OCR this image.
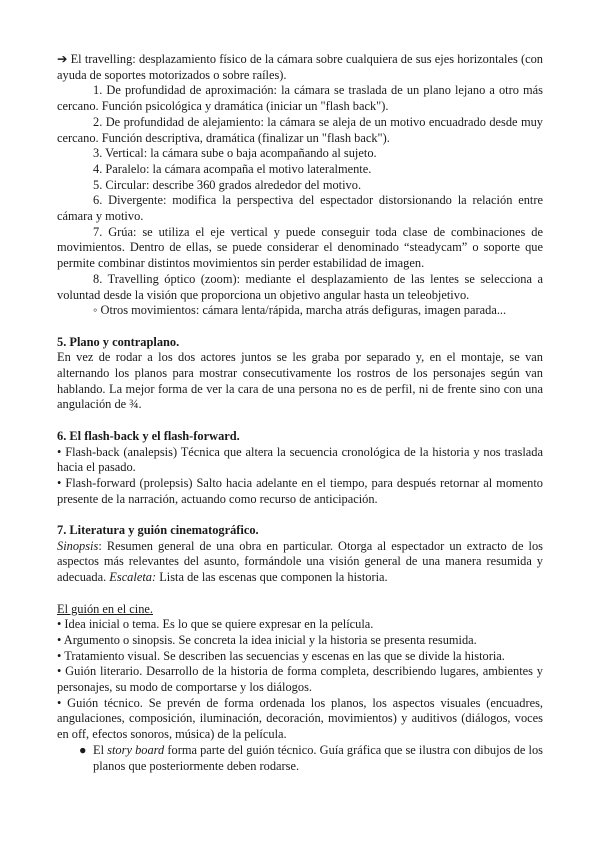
➔ El travelling: desplazamiento físico de la cámara sobre cualquiera de sus ejes horizontales (con ayuda de soportes motorizados o sobre raíles).

1. De profundidad de aproximación: la cámara se traslada de un plano lejano a otro más cercano. Función psicológica y dramática (iniciar un "flash back").

2. De profundidad de alejamiento: la cámara se aleja de un motivo encuadrado desde muy cercano. Función descriptiva, dramática (finalizar un "flash back").

3. Vertical: la cámara sube o baja acompañando al sujeto.

4. Paralelo: la cámara acompaña el motivo lateralmente.

5. Circular: describe 360 grados alrededor del motivo.

6. Divergente: modifica la perspectiva del espectador distorsionando la relación entre cámara y motivo.

7. Grúa: se utiliza el eje vertical y puede conseguir toda clase de combinaciones de movimientos. Dentro de ellas, se puede considerar el denominado “steadycam” o soporte que permite combinar distintos movimientos sin perder estabilidad de imagen.

8. Travelling óptico (zoom): mediante el desplazamiento de las lentes se selecciona a voluntad desde la visión que proporciona un objetivo angular hasta un teleobjetivo.

◦ Otros movimientos: cámara lenta/rápida, marcha atrás defiguras, imagen parada...

5. Plano y contraplano.

En vez de rodar a los dos actores juntos se les graba por separado y, en el montaje, se van alternando los planos para mostrar consecutivamente los rostros de los personajes según van hablando. La mejor forma de ver la cara de una persona no es de perfil, ni de frente sino con una angulación de ¾.

6. El flash-back y el flash-forward.

• Flash-back (analepsis) Técnica que altera la secuencia cronológica de la historia y nos traslada hacia el pasado.

• Flash-forward (prolepsis) Salto hacia adelante en el tiempo, para después retornar al momento presente de la narración, actuando como recurso de anticipación.

7. Literatura y guión cinematográfico.

Sinopsis: Resumen general de una obra en particular. Otorga al espectador un extracto de los aspectos más relevantes del asunto, formándole una visión general de una manera resumida y adecuada. Escaleta: Lista de las escenas que componen la historia.

El guión en el cine.

• Idea inicial o tema. Es lo que se quiere expresar en la película.

• Argumento o sinopsis. Se concreta la idea inicial y la historia se presenta resumida.

• Tratamiento visual. Se describen las secuencias y escenas en las que se divide la historia.

• Guión literario. Desarrollo de la historia de forma completa, describiendo lugares, ambientes y personajes, su modo de comportarse y los diálogos.

• Guión técnico. Se prevén de forma ordenada los planos, los aspectos visuales (encuadres, angulaciones, composición, iluminación, decoración, movimientos) y auditivos (diálogos, voces en off, efectos sonoros, música) de la película.

● El story board forma parte del guión técnico. Guía gráfica que se ilustra con dibujos de los planos que posteriormente deben rodarse.
